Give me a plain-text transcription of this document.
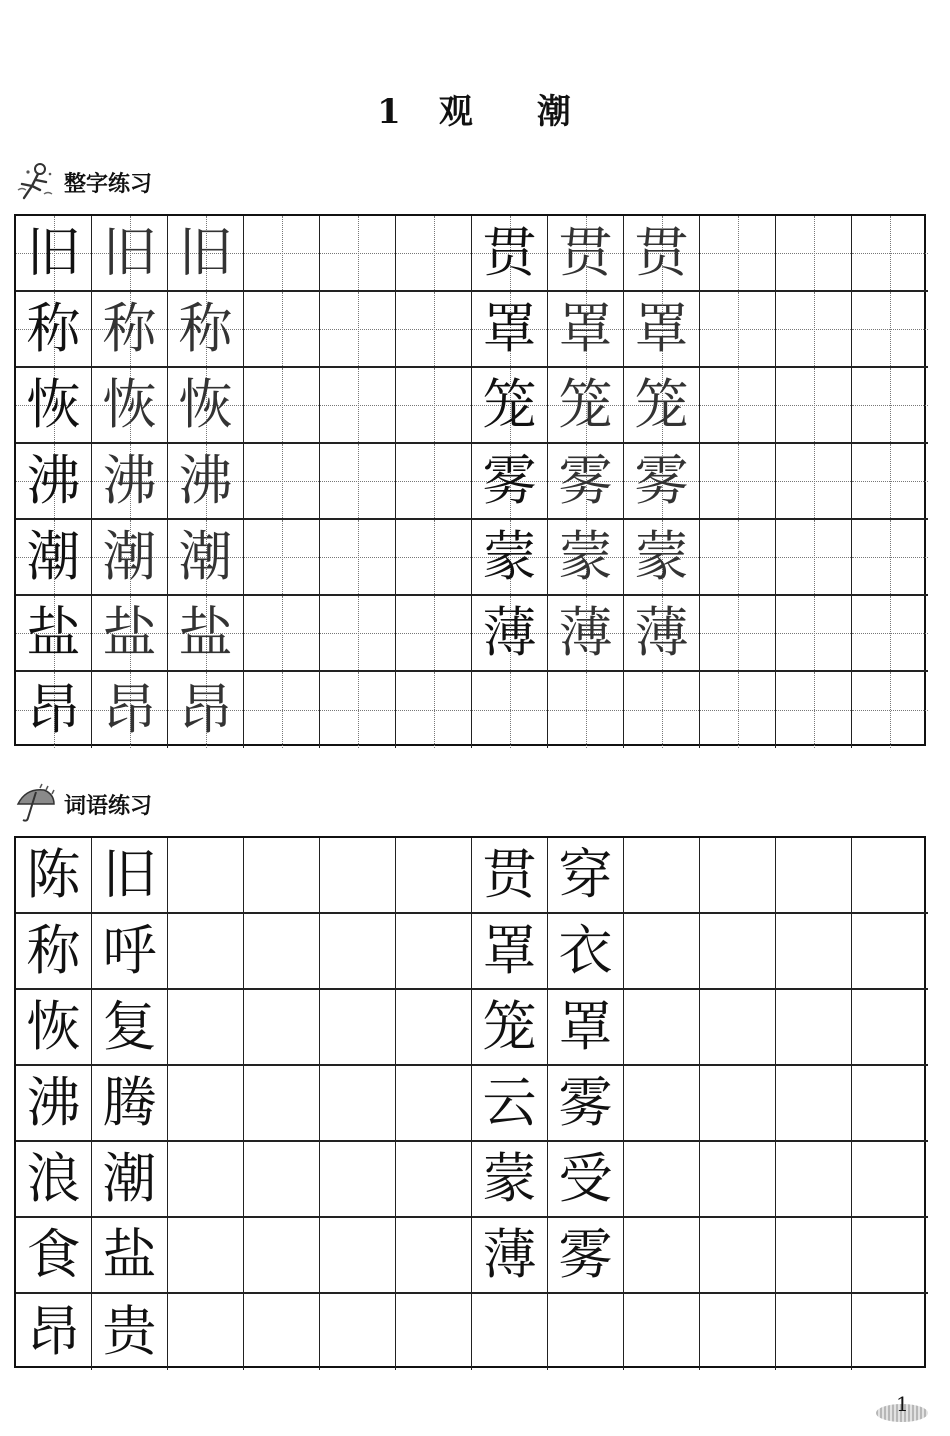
1 观 潮
整字练习
旧 旧 旧	贯 贯 贯
称 称 称	罩 罩 罩
恢 恢 恢	笼 笼 笼
沸 沸 沸	雾 雾 雾
潮 潮 潮	蒙 蒙 蒙
盐 盐 盐	薄 薄 薄
昂 昂 昂
词语练习
陈 旧	贯 穿
称 呼	罩 衣
恢 复	笼 罩
沸 腾	云 雾
浪 潮	蒙 受
食 盐	薄 雾
昂 贵
1
